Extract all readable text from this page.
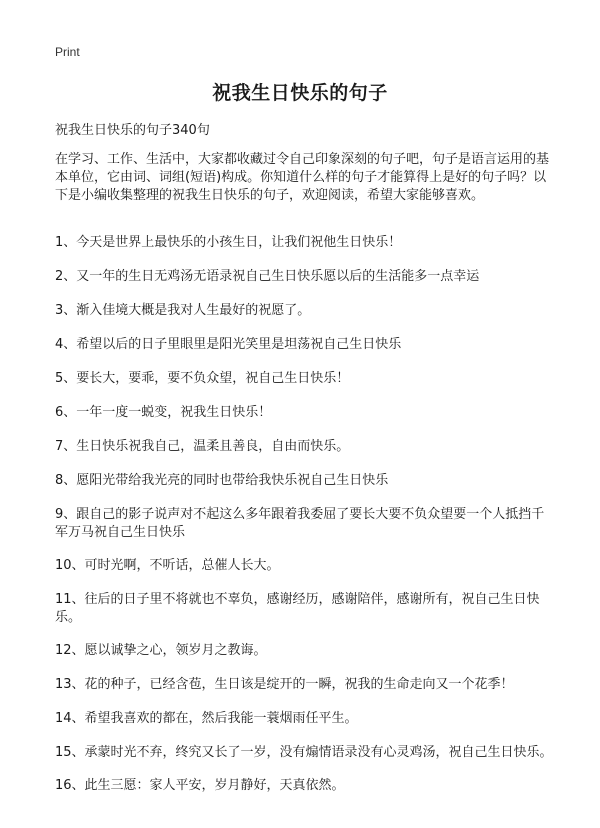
Print
祝我生日快乐的句子

祝我生日快乐的句子340句

在学习、工作、生活中，大家都收藏过令自己印象深刻的句子吧，句子是语言运用的基本单位，它由词、词组(短语)构成。你知道什么样的句子才能算得上是好的句子吗？以下是小编收集整理的祝我生日快乐的句子，欢迎阅读，希望大家能够喜欢。

1、今天是世界上最快乐的小孩生日，让我们祝他生日快乐！
2、又一年的生日无鸡汤无语录祝自己生日快乐愿以后的生活能多一点幸运
3、渐入佳境大概是我对人生最好的祝愿了。
4、希望以后的日子里眼里是阳光笑里是坦荡祝自己生日快乐
5、要长大，要乖，要不负众望，祝自己生日快乐！
6、一年一度一蜕变，祝我生日快乐！
7、生日快乐祝我自己，温柔且善良，自由而快乐。
8、愿阳光带给我光亮的同时也带给我快乐祝自己生日快乐
9、跟自己的影子说声对不起这么多年跟着我委屈了要长大要不负众望要一个人抵挡千军万马祝自己生日快乐
10、可时光啊，不听话，总催人长大。
11、往后的日子里不将就也不辜负，感谢经历，感谢陪伴，感谢所有，祝自己生日快乐。
12、愿以诚挚之心，领岁月之教诲。
13、花的种子，已经含苞，生日该是绽开的一瞬，祝我的生命走向又一个花季！
14、希望我喜欢的都在，然后我能一蓑烟雨任平生。
15、承蒙时光不弃，终究又长了一岁，没有煽情语录没有心灵鸡汤，祝自己生日快乐。
16、此生三愿：家人平安，岁月静好，天真依然。
